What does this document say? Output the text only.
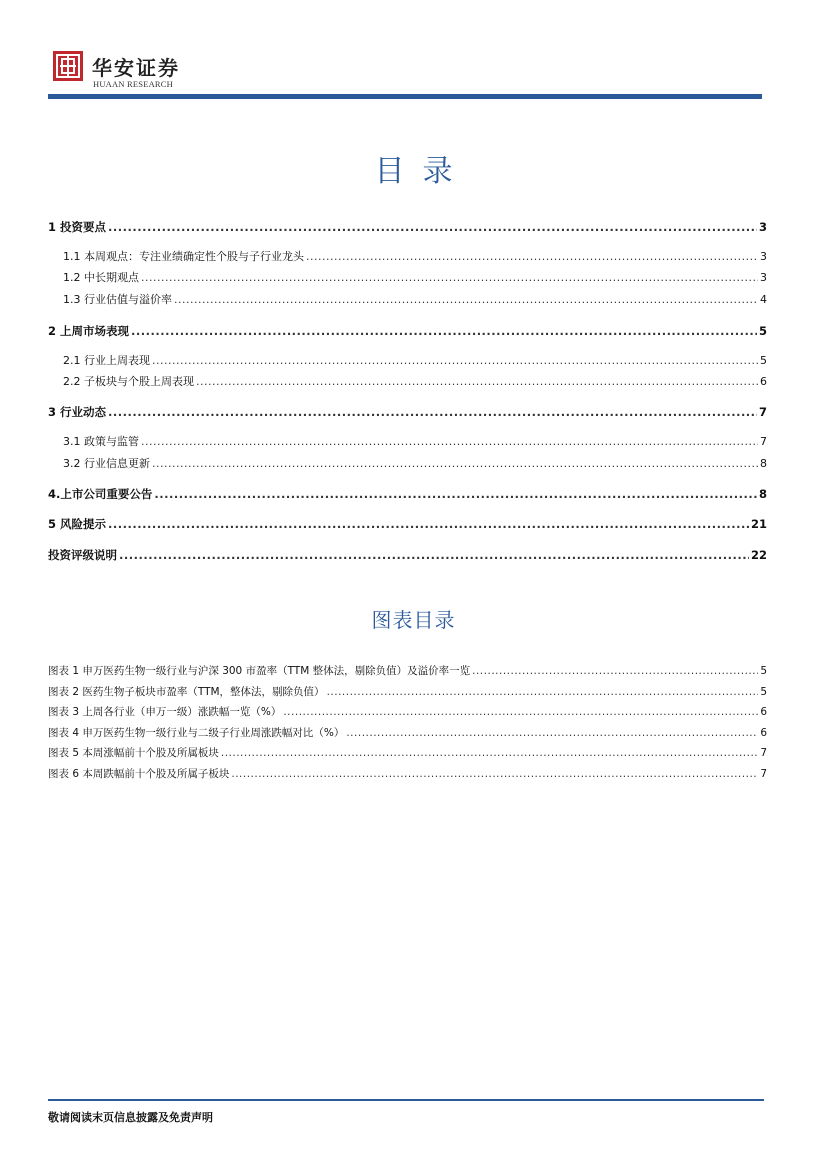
华安证券
HUAAN RESEARCH
目录
1 投资要点 .....	3
1.1 本周观点：专注业绩确定性个股与子行业龙头 .....	3
1.2 中长期观点 .....	3
1.3 行业估值与溢价率 .....	4
2 上周市场表现 .....	5
2.1 行业上周表现 .....	5
2.2 子板块与个股上周表现 .....	6
3 行业动态 .....	7
3.1 政策与监管 .....	7
3.2 行业信息更新 .....	8
4.上市公司重要公告 .....	8
5 风险提示 .....	21
投资评级说明 .....	22
图表目录
图表 1 申万医药生物一级行业与沪深 300 市盈率（TTM 整体法，剔除负值）及溢价率一览 .....	5
图表 2 医药生物子板块市盈率（TTM，整体法，剔除负值） .....	5
图表 3 上周各行业（申万一级）涨跌幅一览（%） .....	6
图表 4 申万医药生物一级行业与二级子行业周涨跌幅对比（%） .....	6
图表 5 本周涨幅前十个股及所属板块 .....	7
图表 6 本周跌幅前十个股及所属子板块 .....	7
敬请阅读末页信息披露及免责声明
